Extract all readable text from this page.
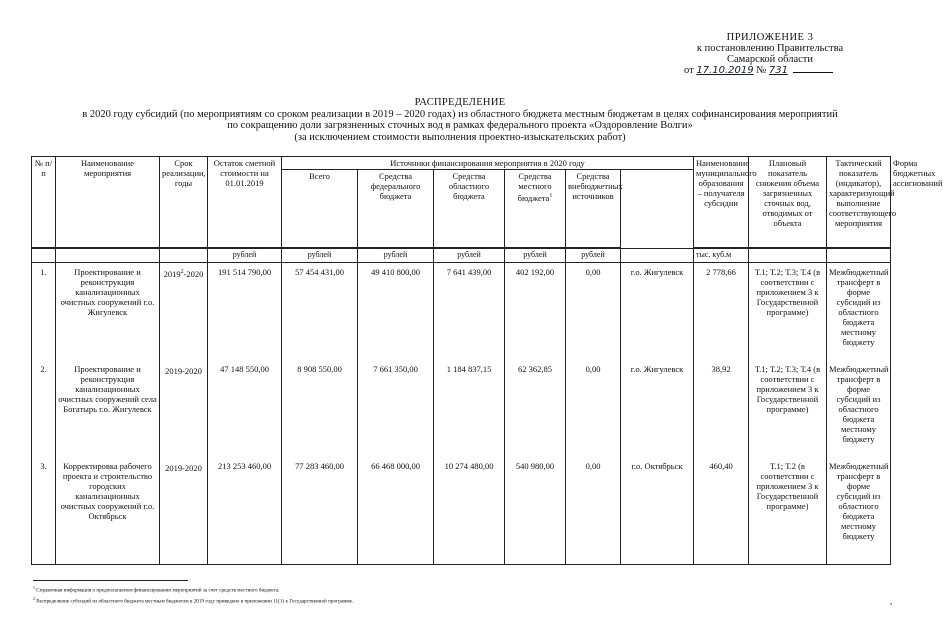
ПРИЛОЖЕНИЕ 3
к постановлению Правительства
Самарской области
от 17.10.2019 № 731
РАСПРЕДЕЛЕНИЕ
в 2020 году субсидий (по мероприятиям со сроком реализации в 2019 – 2020 годах) из областного бюджета местным бюджетам в целях софинансирования мероприятий
по сокращению доли загрязненных сточных вод в рамках федерального проекта «Оздоровление Волги»
(за исключением стоимости выполнения проектно-изыскательских работ)
№ п/п	Наименование мероприятия	Срок реализации, годы	Остаток сметной стоимости на 01.01.2019	Источники финансирования мероприятия в 2020 году					Наименование муниципального образования – получателя субсидии	Плановый показатель снижения объема загрязненных сточных вод, отводимых от объекта	Тактический показатель (индикатор), характеризующий выполнение соответствующего мероприятия	Форма бюджетных ассигнований
				Всего	Средства федерального бюджета	Средства областного бюджета	Средства местного бюджета$^1$	Средства внебюджетных источников				
			рублей	рублей	рублей	рублей	рублей	рублей		тыс. куб.м		
1.	Проектирование и реконструкция канализационных очистных сооружений г.о. Жигулевск	2019$^2$-2020	191 514 790,00	57 454 431,00	49 410 800,00	7 641 439,00	402 192,00	0,00	г.о. Жигулевск	2 778,66	Т.1; Т.2; Т.3; Т.4 (в соответствии с приложением 3 к Государственной программе)	Межбюджетный трансферт в форме субсидий из областного бюджета местному бюджету
2.	Проектирование и реконструкция канализационных очистных сооружений села Богатырь г.о. Жигулевск	2019-2020	47 148 550,00	8 908 550,00	7 661 350,00	1 184 837,15	62 362,85	0,00	г.о. Жигулевск	38,92	Т.1; Т.2; Т.3; Т.4 (в соответствии с приложением 3 к Государственной программе)	Межбюджетный трансферт в форме субсидий из областного бюджета местному бюджету
3.	Корректировка рабочего проекта и строительство городских канализационных очистных сооружений г.о. Октябрьск	2019-2020	213 253 460,00	77 283 460,00	66 468 000,00	10 274 480,00	540 980,00	0,00	г.о. Октябрьск	460,40	Т.1; Т.2 (в соответствии с приложением 3 к Государственной программе)	Межбюджетный трансферт в форме субсидий из областного бюджета местному бюджету
$^1$ Справочная информация о предполагаемом финансировании мероприятий за счет средств местного бюджета.
$^2$ Распределение субсидий из областного бюджета местным бюджетам в 2019 году приведено в приложении 11(1) к Государственной программе.	,
